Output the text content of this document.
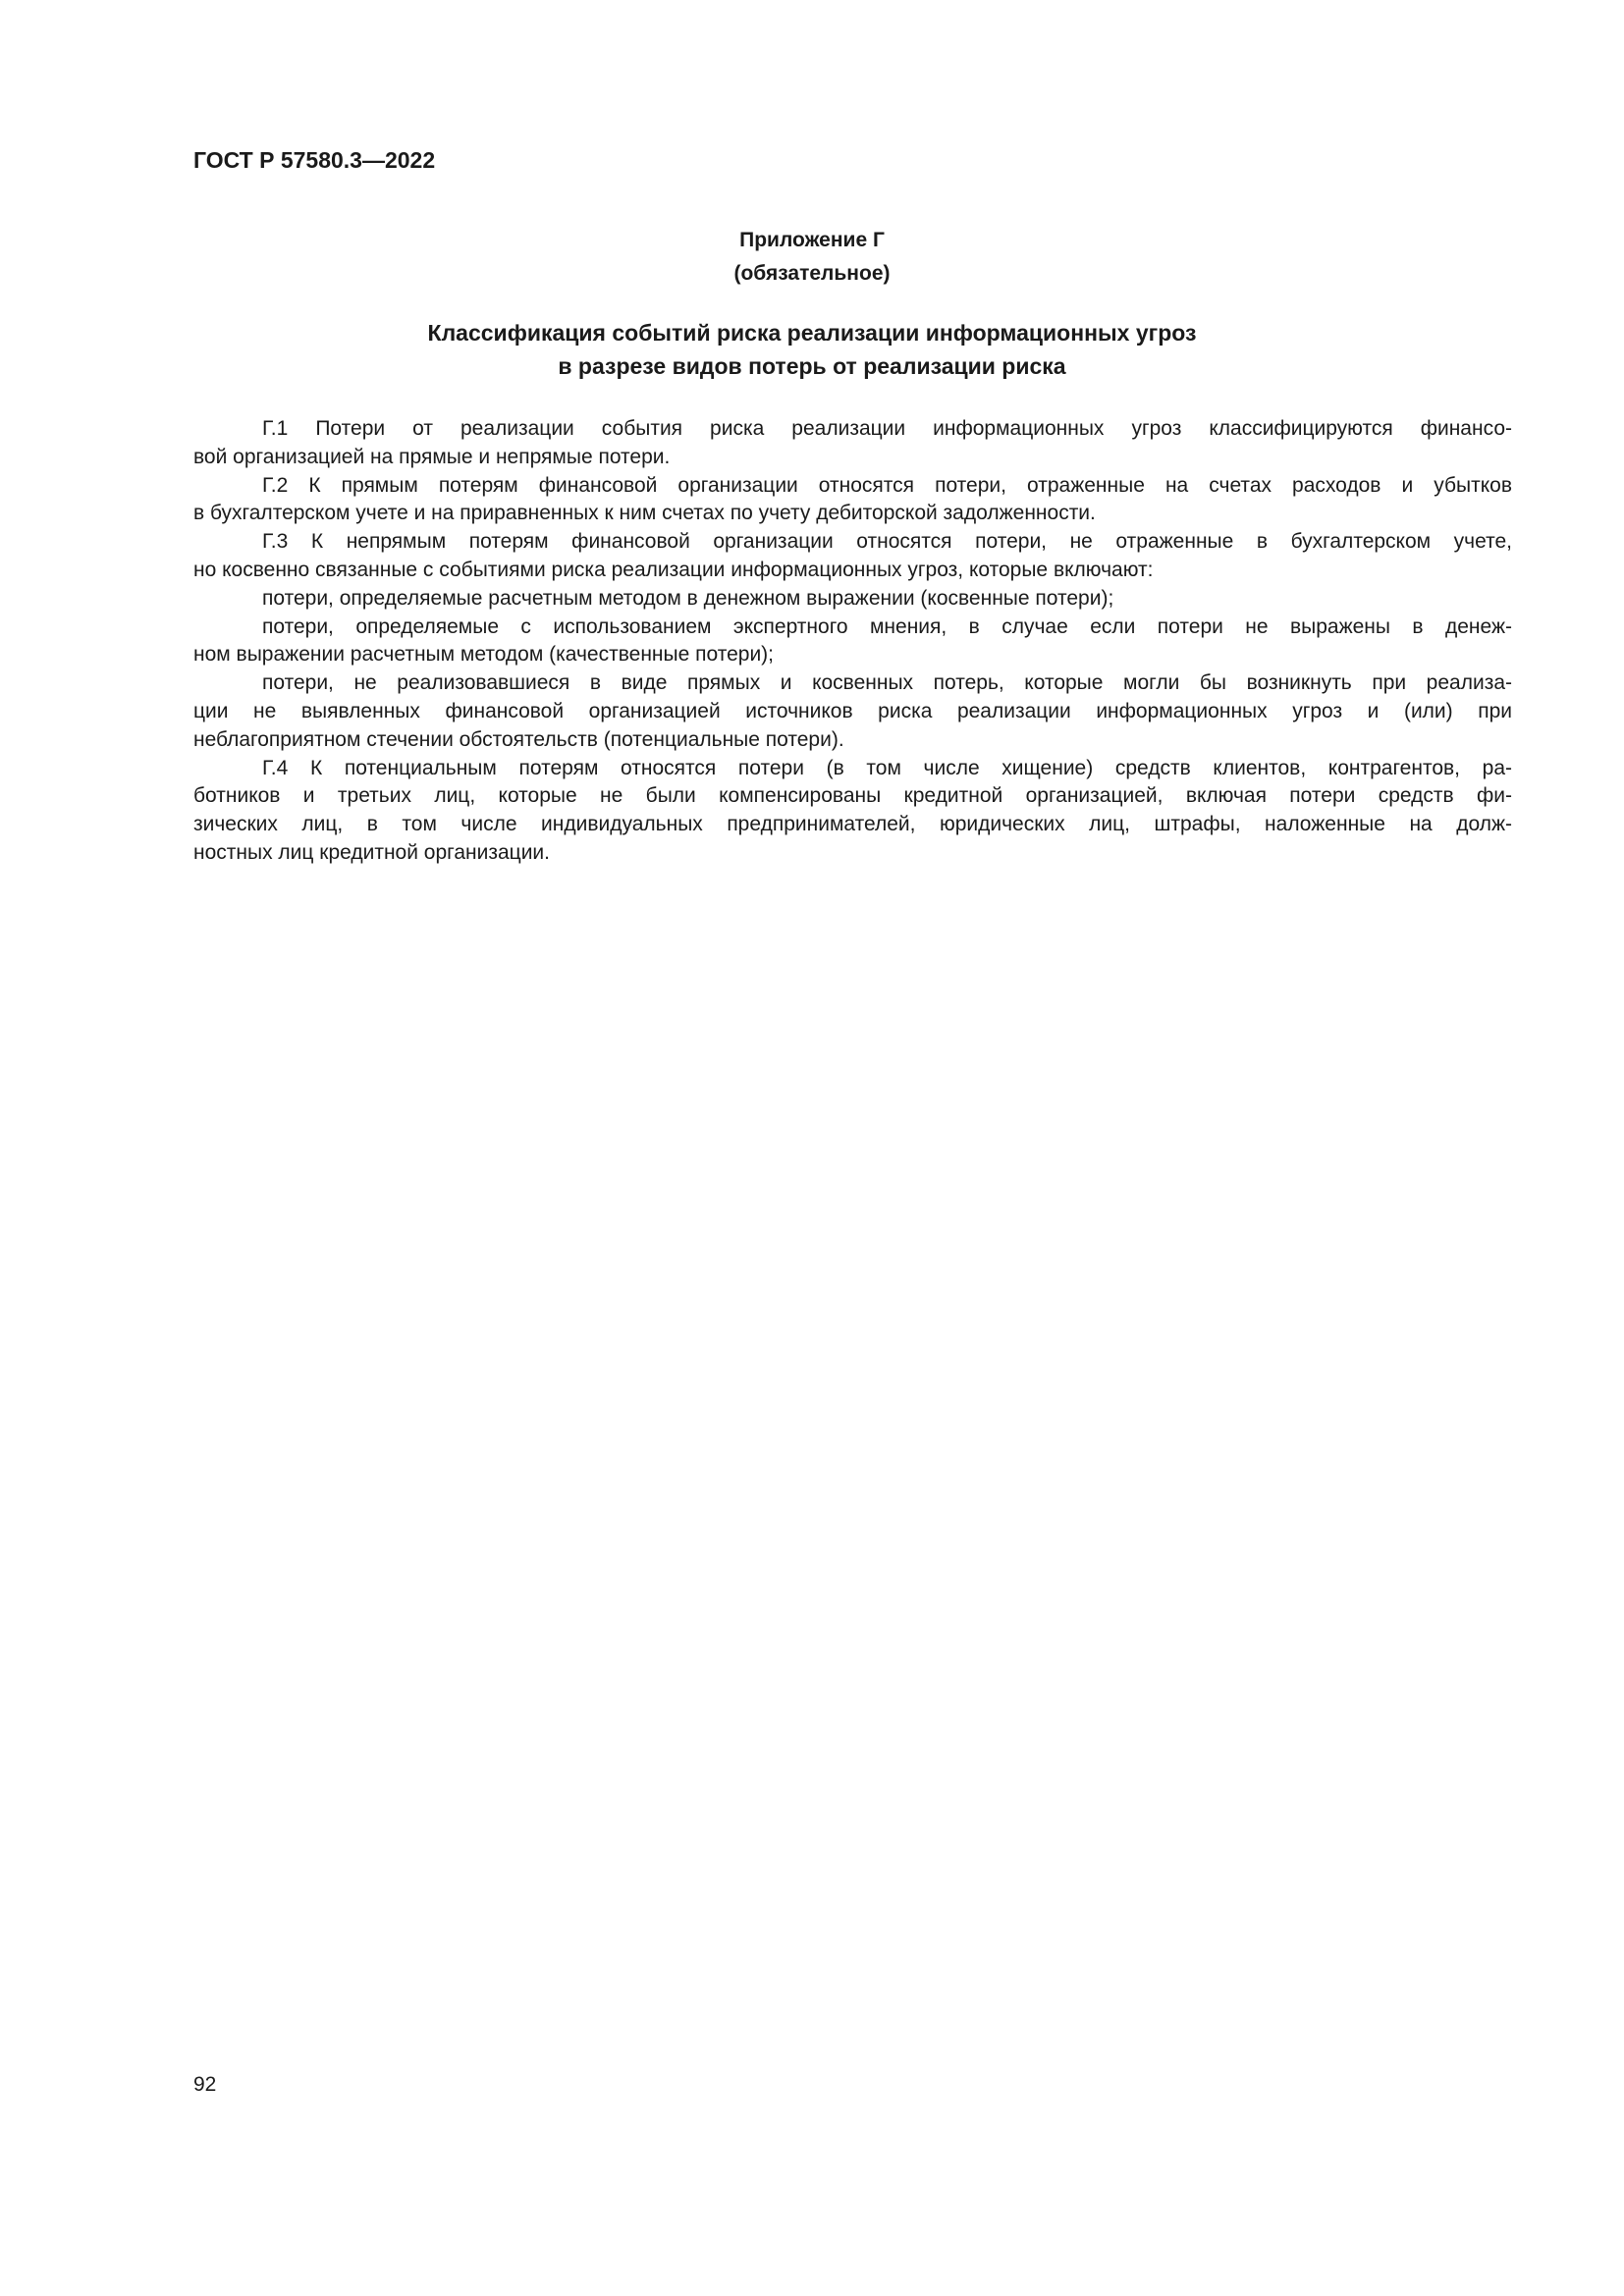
ГОСТ Р 57580.3—2022
Приложение Г
(обязательное)
Классификация событий риска реализации информационных угроз
в разрезе видов потерь от реализации риска
Г.1 Потери от реализации события риска реализации информационных угроз классифицируются финансо-
вой организацией на прямые и непрямые потери.
Г.2 К прямым потерям финансовой организации относятся потери, отраженные на счетах расходов и убытков
в бухгалтерском учете и на приравненных к ним счетах по учету дебиторской задолженности.
Г.3 К непрямым потерям финансовой организации относятся потери, не отраженные в бухгалтерском учете,
но косвенно связанные с событиями риска реализации информационных угроз, которые включают:
потери, определяемые расчетным методом в денежном выражении (косвенные потери);
потери, определяемые с использованием экспертного мнения, в случае если потери не выражены в денеж-
ном выражении расчетным методом (качественные потери);
потери, не реализовавшиеся в виде прямых и косвенных потерь, которые могли бы возникнуть при реализа-
ции не выявленных финансовой организацией источников риска реализации информационных угроз и (или) при
неблагоприятном стечении обстоятельств (потенциальные потери).
Г.4 К потенциальным потерям относятся потери (в том числе хищение) средств клиентов, контрагентов, ра-
ботников и третьих лиц, которые не были компенсированы кредитной организацией, включая потери средств фи-
зических лиц, в том числе индивидуальных предпринимателей, юридических лиц, штрафы, наложенные на долж-
ностных лиц кредитной организации.
92
